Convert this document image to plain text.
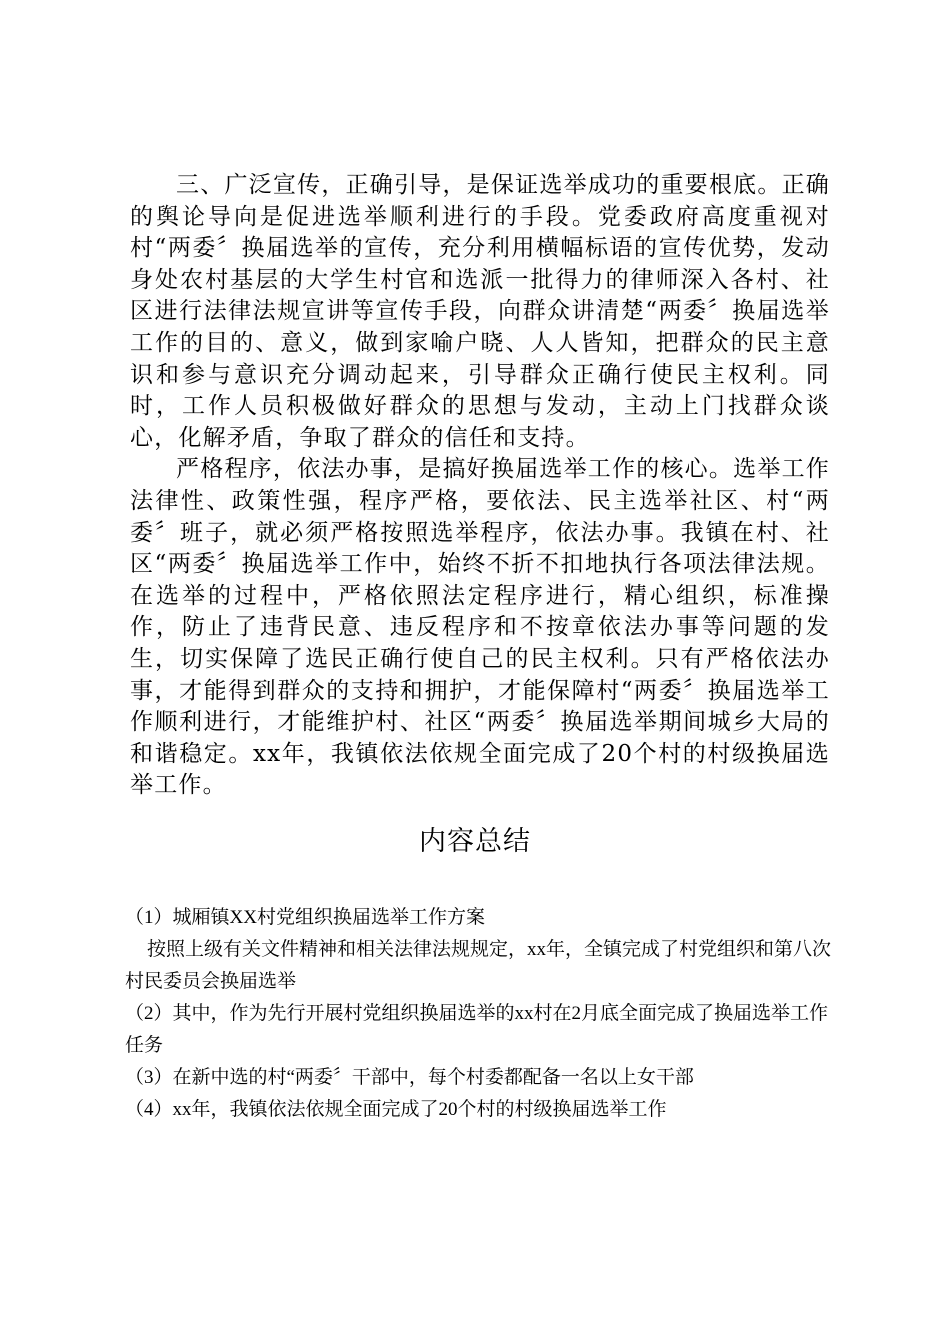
三、广泛宣传，正确引导，是保证选举成功的重要根底。正确的舆论导向是促进选举顺利进行的手段。党委政府高度重视对村“两委〞换届选举的宣传，充分利用横幅标语的宣传优势，发动身处农村基层的大学生村官和选派一批得力的律师深入各村、社区进行法律法规宣讲等宣传手段，向群众讲清楚“两委〞换届选举工作的目的、意义，做到家喻户晓、人人皆知，把群众的民主意识和参与意识充分调动起来，引导群众正确行使民主权利。同时，工作人员积极做好群众的思想与发动，主动上门找群众谈心，化解矛盾，争取了群众的信任和支持。

严格程序，依法办事，是搞好换届选举工作的核心。选举工作法律性、政策性强，程序严格，要依法、民主选举社区、村“两委〞班子，就必须严格按照选举程序，依法办事。我镇在村、社区“两委〞换届选举工作中，始终不折不扣地执行各项法律法规。在选举的过程中，严格依照法定程序进行，精心组织，标准操作，防止了违背民意、违反程序和不按章依法办事等问题的发生，切实保障了选民正确行使自己的民主权利。只有严格依法办事，才能得到群众的支持和拥护，才能保障村“两委〞换届选举工作顺利进行，才能维护村、社区“两委〞换届选举期间城乡大局的和谐稳定。xx年，我镇依法依规全面完成了20个村的村级换届选举工作。

内容总结

（1）城厢镇XX村党组织换届选举工作方案

按照上级有关文件精神和相关法律法规规定，xx年，全镇完成了村党组织和第八次村民委员会换届选举

（2）其中，作为先行开展村党组织换届选举的xx村在2月底全面完成了换届选举工作任务

（3）在新中选的村“两委〞干部中，每个村委都配备一名以上女干部

（4）xx年，我镇依法依规全面完成了20个村的村级换届选举工作
